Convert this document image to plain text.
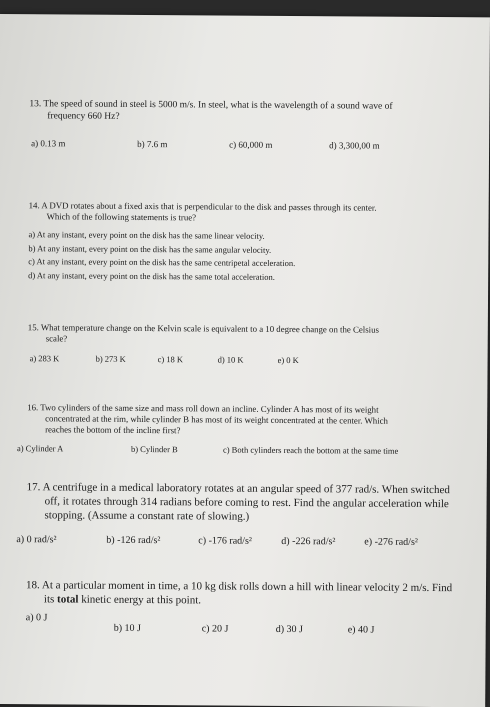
13. The speed of sound in steel is 5000 m/s. In steel, what is the wavelength of a sound wave of
frequency 660 Hz?
a) 0.13 m	b) 7.6 m	c) 60,000 m	d) 3,300,00 m
14. A DVD rotates about a fixed axis that is perpendicular to the disk and passes through its center.
Which of the following statements is true?
a) At any instant, every point on the disk has the same linear velocity.
b) At any instant, every point on the disk has the same angular velocity.
c) At any instant, every point on the disk has the same centripetal acceleration.
d) At any instant, every point on the disk has the same total acceleration.
15. What temperature change on the Kelvin scale is equivalent to a 10 degree change on the Celsius
scale?
a) 283 K	b) 273 K	c) 18 K	d) 10 K	e) 0 K
16. Two cylinders of the same size and mass roll down an incline. Cylinder A has most of its weight
concentrated at the rim, while cylinder B has most of its weight concentrated at the center. Which
reaches the bottom of the incline first?
a) Cylinder A	b) Cylinder B	c) Both cylinders reach the bottom at the same time
17. A centrifuge in a medical laboratory rotates at an angular speed of 377 rad/s. When switched
off, it rotates through 314 radians before coming to rest. Find the angular acceleration while
stopping. (Assume a constant rate of slowing.)
a) 0 rad/s²	b) -126 rad/s²	c) -176 rad/s²	d) -226 rad/s²	e) -276 rad/s²
18. At a particular moment in time, a 10 kg disk rolls down a hill with linear velocity 2 m/s. Find
its total kinetic energy at this point.
a) 0 J
b) 10 J	c) 20 J	d) 30 J	e) 40 J
